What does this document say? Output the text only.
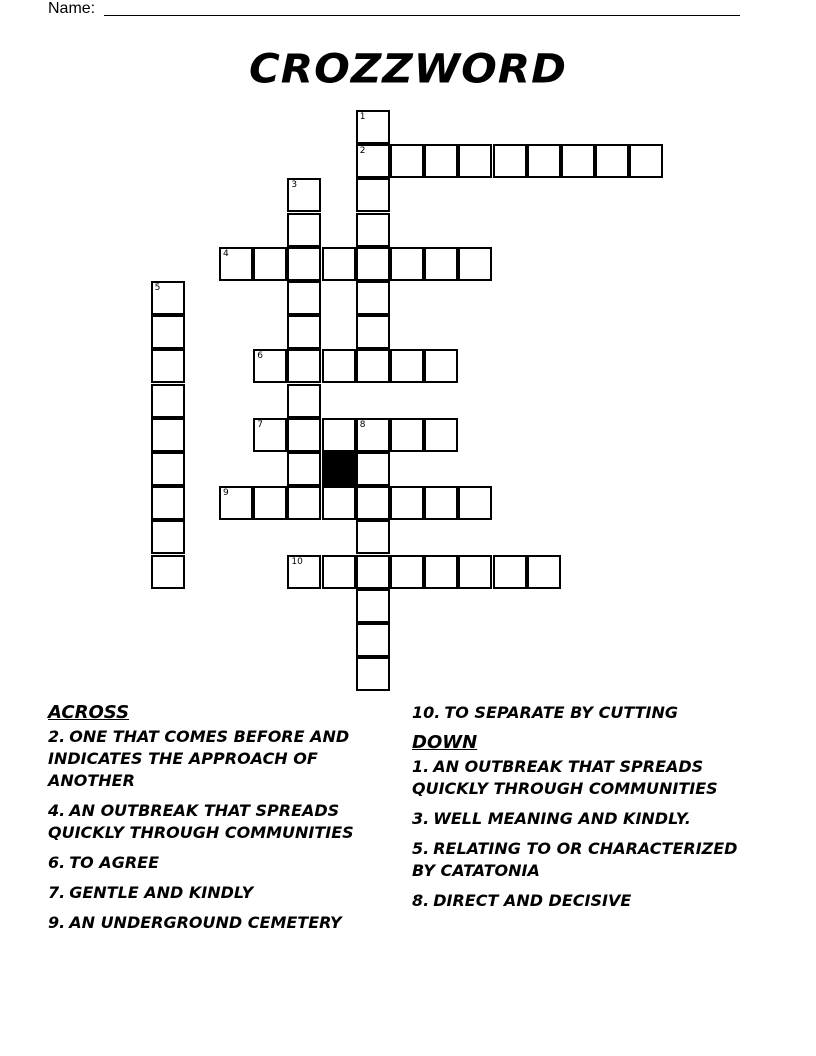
Name:
CROZZWORD
1
2
3
4
5
6
7	8
9
10
ACROSS
2. ONE THAT COMES BEFORE AND INDICATES THE APPROACH OF ANOTHER
4. AN OUTBREAK THAT SPREADS QUICKLY THROUGH COMMUNITIES
6. TO AGREE
7. GENTLE AND KINDLY
9. AN UNDERGROUND CEMETERY
10. TO SEPARATE BY CUTTING
DOWN
1. AN OUTBREAK THAT SPREADS QUICKLY THROUGH COMMUNITIES
3. WELL MEANING AND KINDLY.
5. RELATING TO OR CHARACTERIZED BY CATATONIA
8. DIRECT AND DECISIVE
